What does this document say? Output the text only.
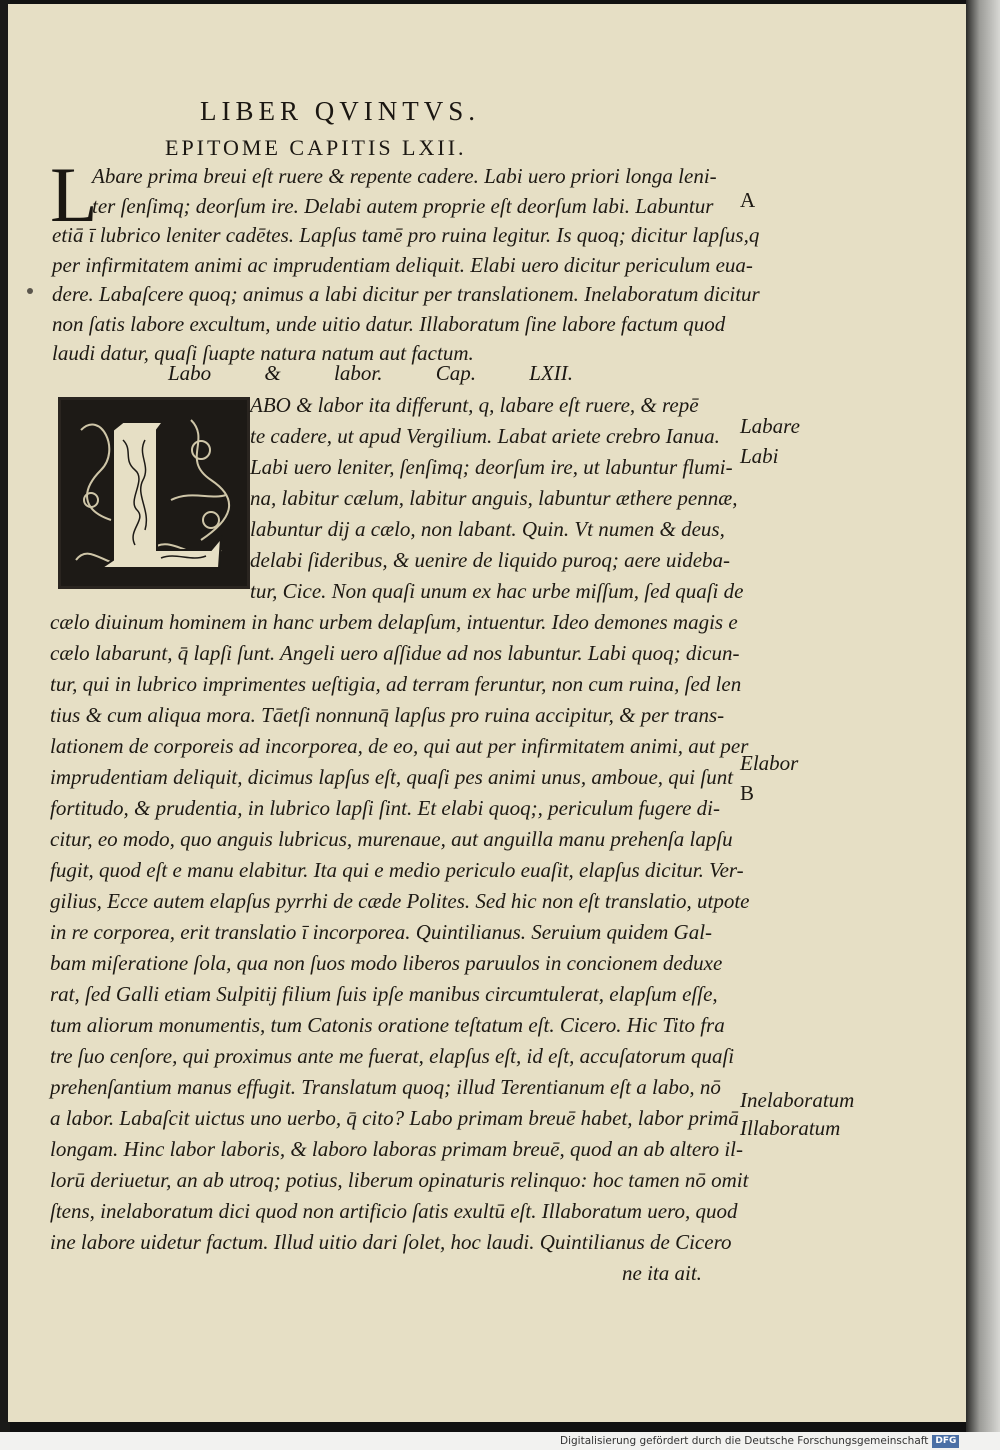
LIBER QVINTVS.
EPITOME CAPITIS LXII.
L
Abare prima breui eſt ruere & repente cadere. Labi uero priori longa leni-
ter ſenſimq; deorſum ire. Delabi autem proprie eſt deorſum labi. Labuntur
etiā ī lubrico leniter cadētes. Lapſus tamē pro ruina legitur. Is quoq; dicitur lapſus,q
per infirmitatem animi ac imprudentiam deliquit. Elabi uero dicitur periculum eua-
dere. Labaſcere quoq; animus a labi dicitur per translationem. Inelaboratum dicitur
non ſatis labore excultum, unde uitio datur. Illaboratum ſine labore factum quod
laudi datur, quaſi ſuapte natura natum aut factum.
Labo & labor. Cap. LXII.
ABO & labor ita differunt, q, labare eſt ruere, & repē
te cadere, ut apud Vergilium. Labat ariete crebro Ianua.
Labi uero leniter, ſenſimq; deorſum ire, ut labuntur flumi-
na, labitur cælum, labitur anguis, labuntur æthere pennæ,
labuntur dij a cælo, non labant. Quin. Vt numen & deus,
delabi ſideribus, & uenire de liquido puroq; aere uideba-
tur, Cice. Non quaſi unum ex hac urbe miſſum, ſed quaſi de
cælo diuinum hominem in hanc urbem delapſum, intuentur. Ideo demones magis e
cælo labarunt, q̄ lapſi ſunt. Angeli uero aſſidue ad nos labuntur. Labi quoq; dicun-
tur, qui in lubrico imprimentes ueſtigia, ad terram feruntur, non cum ruina, ſed len
tius & cum aliqua mora. Tāetſi nonnunq̄ lapſus pro ruina accipitur, & per trans-
lationem de corporeis ad incorporea, de eo, qui aut per infirmitatem animi, aut per
imprudentiam deliquit, dicimus lapſus eſt, quaſi pes animi unus, amboue, qui ſunt
fortitudo, & prudentia, in lubrico lapſi ſint. Et elabi quoq;, periculum fugere di-
citur, eo modo, quo anguis lubricus, murenaue, aut anguilla manu prehenſa lapſu
fugit, quod eſt e manu elabitur. Ita qui e medio periculo euaſit, elapſus dicitur. Ver-
gilius, Ecce autem elapſus pyrrhi de cæde Polites. Sed hic non eſt translatio, utpote
in re corporea, erit translatio ī incorporea. Quintilianus. Seruium quidem Gal-
bam miſeratione ſola, qua non ſuos modo liberos paruulos in concionem deduxe
rat, ſed Galli etiam Sulpitij filium ſuis ipſe manibus circumtulerat, elapſum eſſe,
tum aliorum monumentis, tum Catonis oratione teſtatum eſt. Cicero. Hic Tito fra
tre ſuo cenſore, qui proximus ante me fuerat, elapſus eſt, id eſt, accuſatorum quaſi
prehenſantium manus effugit. Translatum quoq; illud Terentianum eſt a labo, nō
a labor. Labaſcit uictus uno uerbo, q̄ cito? Labo primam breuē habet, labor primā
longam. Hinc labor laboris, & laboro laboras primam breuē, quod an ab altero il-
lorū deriuetur, an ab utroq; potius, liberum opinaturis relinquo: hoc tamen nō omit
ſtens, inelaboratum dici quod non artificio ſatis exultū eſt. Illaboratum uero, quod
ine labore uidetur factum. Illud uitio dari ſolet, hoc laudi. Quintilianus de Cicero
ne ita ait.
A
Labare
Labi
Elabor
B
Inelaboratum
Illaboratum
Digitalisierung gefördert durch die Deutsche Forschungsgemeinschaft DFG
